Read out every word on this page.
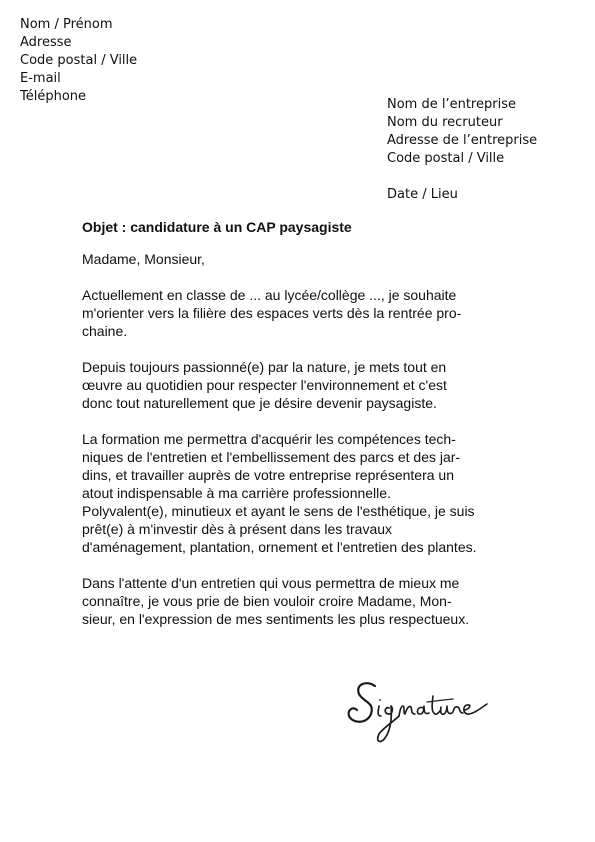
Nom / Prénom
Adresse
Code postal / Ville
E-mail
Téléphone
Nom de l’entreprise
Nom du recruteur
Adresse de l’entreprise
Code postal / Ville
Date / Lieu

Objet : candidature à un CAP paysagiste

Madame, Monsieur,

Actuellement en classe de ... au lycée/collège ..., je souhaite
m'orienter vers la filière des espaces verts dès la rentrée pro-
chaine.

Depuis toujours passionné(e) par la nature, je mets tout en
œuvre au quotidien pour respecter l'environnement et c'est
donc tout naturellement que je désire devenir paysagiste.

La formation me permettra d'acquérir les compétences tech-
niques de l'entretien et l'embellissement des parcs et des jar-
dins, et travailler auprès de votre entreprise représentera un
atout indispensable à ma carrière professionnelle.

Polyvalent(e), minutieux et ayant le sens de l'esthétique, je suis
prêt(e) à m'investir dès à présent dans les travaux
d'aménagement, plantation, ornement et l'entretien des plantes.

Dans l'attente d'un entretien qui vous permettra de mieux me
connaître, je vous prie de bien vouloir croire Madame, Mon-
sieur, en l'expression de mes sentiments les plus respectueux.
